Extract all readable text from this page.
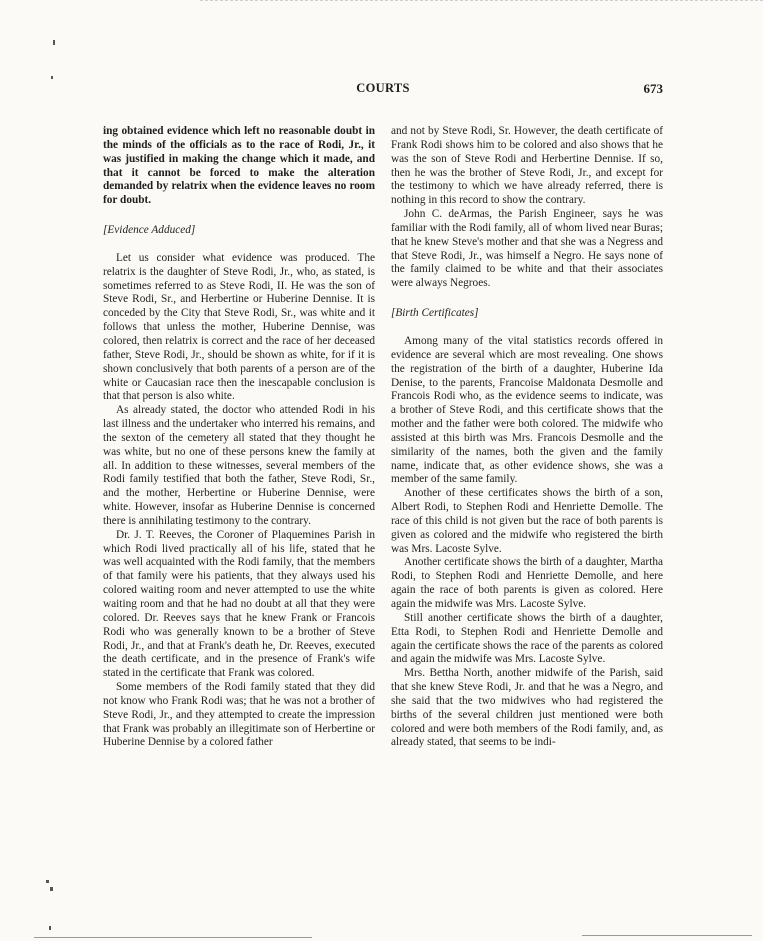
COURTS	673

ing obtained evidence which left no reasonable doubt in the minds of the officials as to the race of Rodi, Jr., it was justified in making the change which it made, and that it cannot be forced to make the alteration demanded by relatrix when the evidence leaves no room for doubt.

[Evidence Adduced]

Let us consider what evidence was produced. The relatrix is the daughter of Steve Rodi, Jr., who, as stated, is sometimes referred to as Steve Rodi, II. He was the son of Steve Rodi, Sr., and Herbertine or Huberine Dennise. It is conceded by the City that Steve Rodi, Sr., was white and it follows that unless the mother, Huberine Dennise, was colored, then relatrix is correct and the race of her deceased father, Steve Rodi, Jr., should be shown as white, for if it is shown conclusively that both parents of a person are of the white or Caucasian race then the inescapable conclusion is that that person is also white.

As already stated, the doctor who attended Rodi in his last illness and the undertaker who interred his remains, and the sexton of the cemetery all stated that they thought he was white, but no one of these persons knew the family at all. In addition to these witnesses, several members of the Rodi family testified that both the father, Steve Rodi, Sr., and the mother, Herbertine or Huberine Dennise, were white. However, insofar as Huberine Dennise is concerned there is annihilating testimony to the contrary.

Dr. J. T. Reeves, the Coroner of Plaquemines Parish in which Rodi lived practically all of his life, stated that he was well acquainted with the Rodi family, that the members of that family were his patients, that they always used his colored waiting room and never attempted to use the white waiting room and that he had no doubt at all that they were colored. Dr. Reeves says that he knew Frank or Francois Rodi who was generally known to be a brother of Steve Rodi, Jr., and that at Frank's death he, Dr. Reeves, executed the death certificate, and in the presence of Frank's wife stated in the certificate that Frank was colored.

Some members of the Rodi family stated that they did not know who Frank Rodi was; that he was not a brother of Steve Rodi, Jr., and they attempted to create the impression that Frank was probably an illegitimate son of Herbertine or Huberine Dennise by a colored father

and not by Steve Rodi, Sr. However, the death certificate of Frank Rodi shows him to be colored and also shows that he was the son of Steve Rodi and Herbertine Dennise. If so, then he was the brother of Steve Rodi, Jr., and except for the testimony to which we have already referred, there is nothing in this record to show the contrary.

John C. deArmas, the Parish Engineer, says he was familiar with the Rodi family, all of whom lived near Buras; that he knew Steve's mother and that she was a Negress and that Steve Rodi, Jr., was himself a Negro. He says none of the family claimed to be white and that their associates were always Negroes.

[Birth Certificates]

Among many of the vital statistics records offered in evidence are several which are most revealing. One shows the registration of the birth of a daughter, Huberine Ida Denise, to the parents, Francoise Maldonata Desmolle and Francois Rodi who, as the evidence seems to indicate, was a brother of Steve Rodi, and this certificate shows that the mother and the father were both colored. The midwife who assisted at this birth was Mrs. Francois Desmolle and the similarity of the names, both the given and the family name, indicate that, as other evidence shows, she was a member of the same family.

Another of these certificates shows the birth of a son, Albert Rodi, to Stephen Rodi and Henriette Demolle. The race of this child is not given but the race of both parents is given as colored and the midwife who registered the birth was Mrs. Lacoste Sylve.

Another certificate shows the birth of a daughter, Martha Rodi, to Stephen Rodi and Henriette Demolle, and here again the race of both parents is given as colored. Here again the midwife was Mrs. Lacoste Sylve.

Still another certificate shows the birth of a daughter, Etta Rodi, to Stephen Rodi and Henriette Demolle and again the certificate shows the race of the parents as colored and again the midwife was Mrs. Lacoste Sylve.

Mrs. Bettha North, another midwife of the Parish, said that she knew Steve Rodi, Jr. and that he was a Negro, and she said that the two midwives who had registered the births of the several children just mentioned were both colored and were both members of the Rodi family, and, as already stated, that seems to be indi-
